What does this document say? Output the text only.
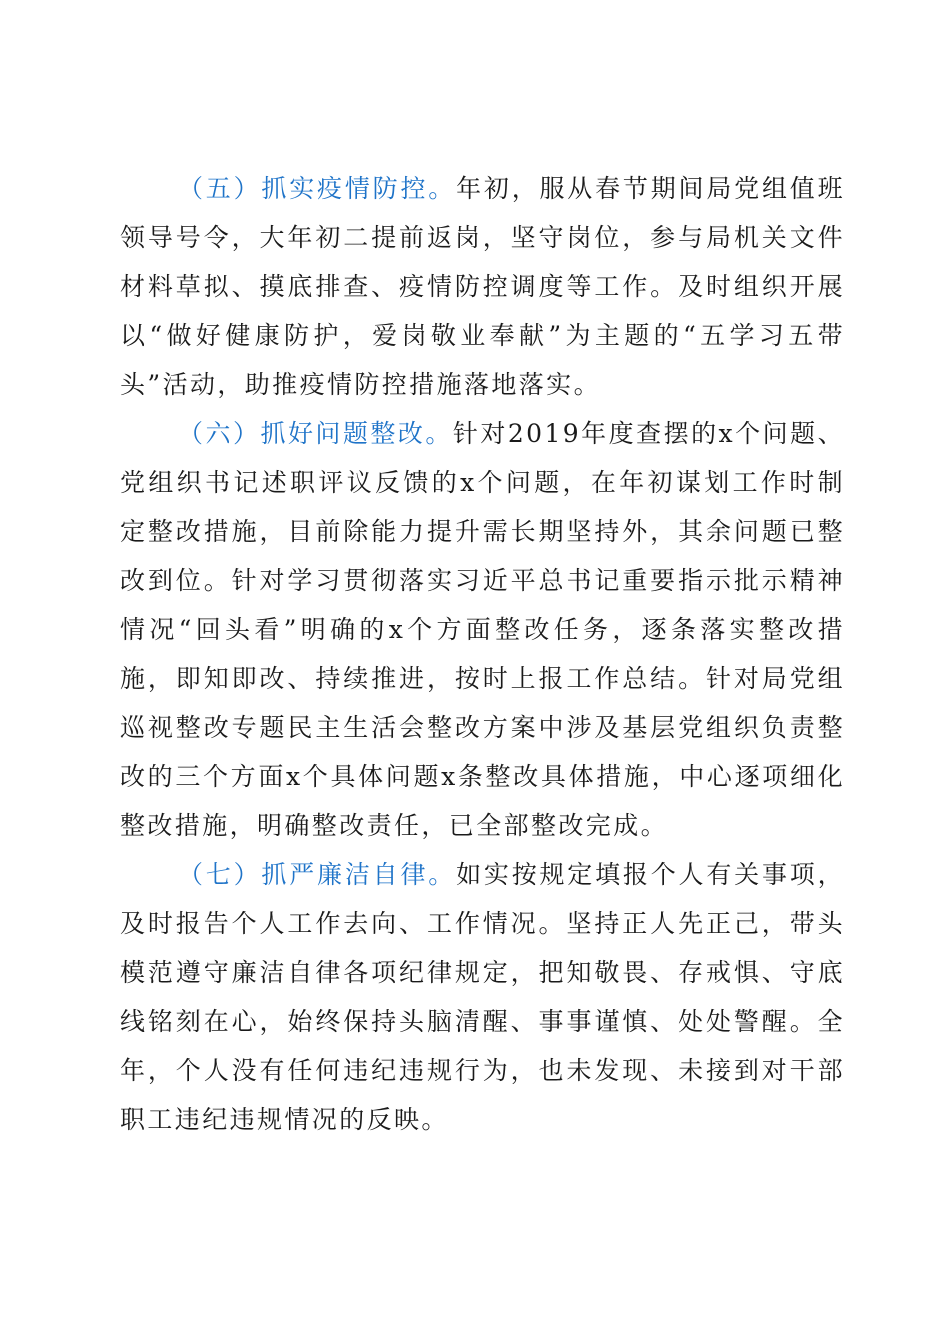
（五）抓实疫情防控。年初，服从春节期间局党组值班领导号令，大年初二提前返岗，坚守岗位，参与局机关文件材料草拟、摸底排查、疫情防控调度等工作。及时组织开展以“做好健康防护，爱岗敬业奉献”为主题的“五学习五带头”活动，助推疫情防控措施落地落实。

（六）抓好问题整改。针对2019年度查摆的x个问题、党组织书记述职评议反馈的x个问题，在年初谋划工作时制定整改措施，目前除能力提升需长期坚持外，其余问题已整改到位。针对学习贯彻落实习近平总书记重要指示批示精神情况“回头看”明确的x个方面整改任务，逐条落实整改措施，即知即改、持续推进，按时上报工作总结。针对局党组巡视整改专题民主生活会整改方案中涉及基层党组织负责整改的三个方面x个具体问题x条整改具体措施，中心逐项细化整改措施，明确整改责任，已全部整改完成。

（七）抓严廉洁自律。如实按规定填报个人有关事项，及时报告个人工作去向、工作情况。坚持正人先正己，带头模范遵守廉洁自律各项纪律规定，把知敬畏、存戒惧、守底线铭刻在心，始终保持头脑清醒、事事谨慎、处处警醒。全年，个人没有任何违纪违规行为，也未发现、未接到对干部职工违纪违规情况的反映。
